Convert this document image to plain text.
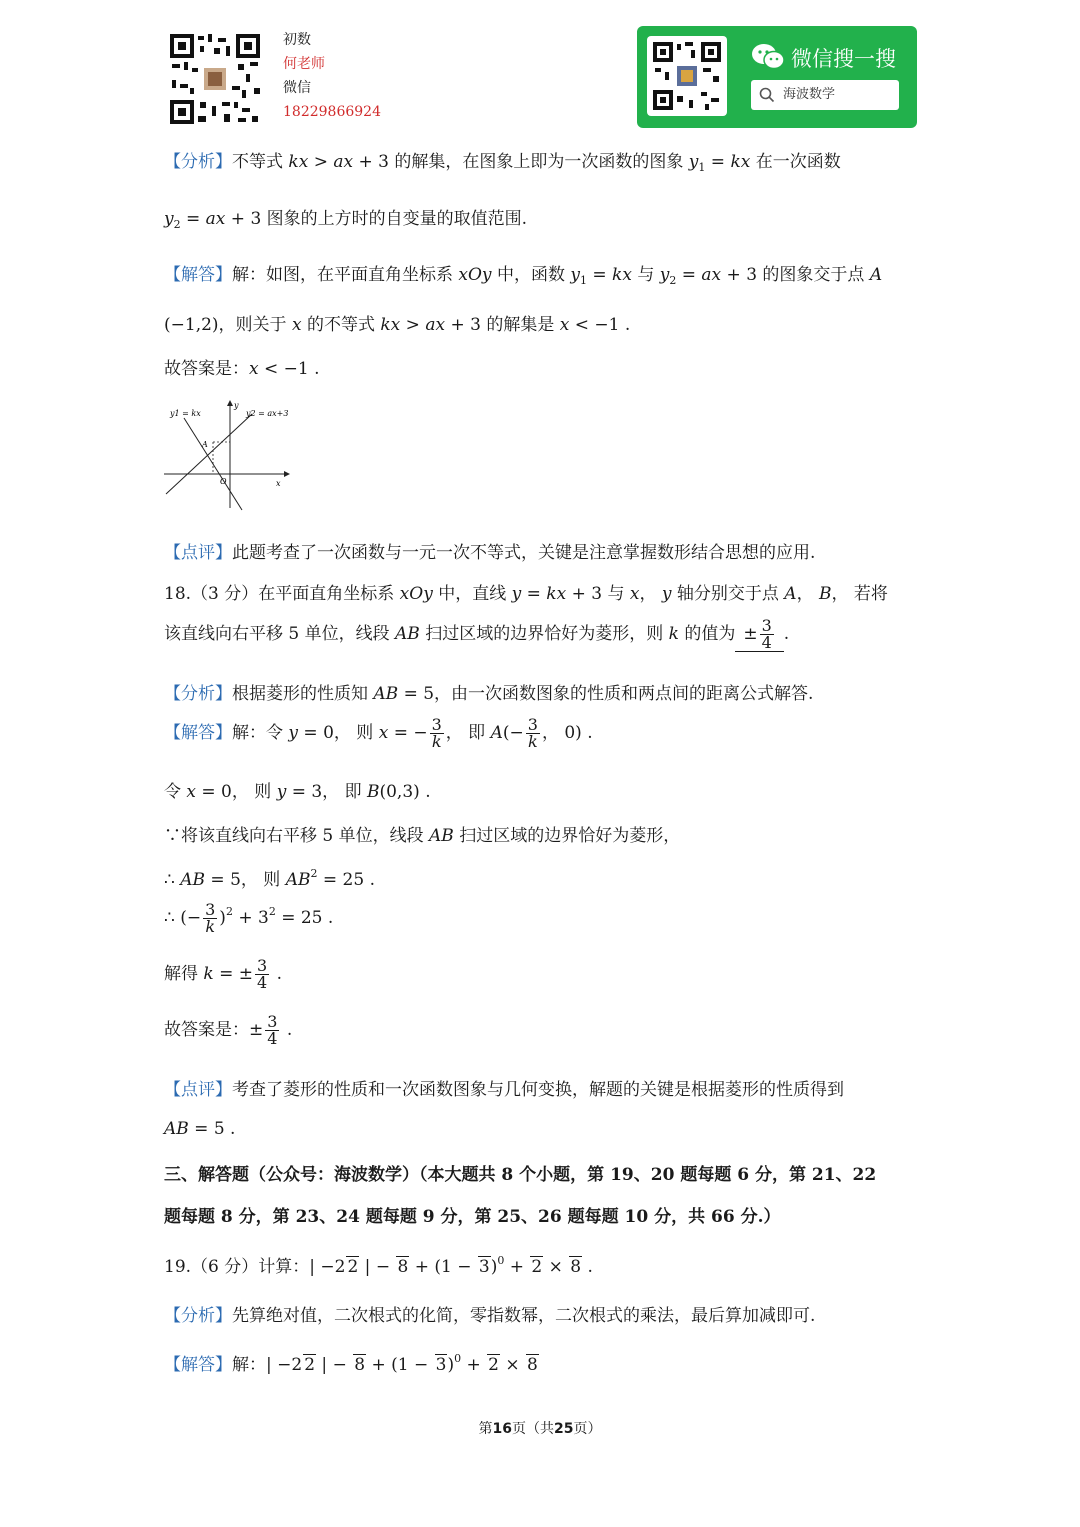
初数
何老师
微信
18229866924
微信搜一搜
海波数学
【分析】不等式 kx > ax + 3 的解集，在图象上即为一次函数的图象 $y_1$ = kx 在一次函数
$y_2$ = ax + 3 图象的上方时的自变量的取值范围.
【解答】解：如图，在平面直角坐标系 xOy 中，函数 $y_1$ = kx 与 $y_2$ = ax + 3 的图象交于点 A
(−1,2)，则关于 x 的不等式 kx > ax + 3 的解集是 x < −1 .
故答案是：x < −1 .
y1 = kx
y
y2 = ax+3
A
O	x
【点评】此题考查了一次函数与一元一次不等式，关键是注意掌握数形结合思想的应用.
18.（3 分）在平面直角坐标系 xOy 中，直线 y = kx + 3 与 x， y 轴分别交于点 A， B， 若将
该直线向右平移 5 单位，线段 AB 扫过区域的边界恰好为菱形，则 k 的值为 ± $\frac{3}{4}$ .
【分析】根据菱形的性质知 AB = 5，由一次函数图象的性质和两点间的距离公式解答.
【解答】解：令 y = 0， 则 x = − $\frac{3}{k}$ ， 即 $A(- \frac{3}{k}$ ， 0) .
令 x = 0， 则 y = 3， 即 B(0,3) .
∵将该直线向右平移 5 单位，线段 AB 扫过区域的边界恰好为菱形，
∴ AB = 5， 则 $AB^2 = 25$ .
∴ (− $\frac{3}{k} )^2 + 3^2 = 25$ .
解得 k = ± $\frac{3}{4}$ .
故答案是：± $\frac{3}{4}$ .
【点评】考查了菱形的性质和一次函数图象与几何变换，解题的关键是根据菱形的性质得到
AB = 5 .
三、解答题（公众号：海波数学）（本大题共 8 个小题，第 19、20 题每题 6 分，第 21、22
题每题 8 分，第 23、24 题每题 9 分，第 25、26 题每题 10 分，共 66 分.）
19.（6 分）计算：| −2 2 | − $8 + (1 - 3)^0 + 2 \times 8$ .
【分析】先算绝对值，二次根式的化简，零指数幂，二次根式的乘法，最后算加减即可.
【解答】解：| −2 2 | − $8 + (1 - 3)^0 + 2 \times 8$
第16页（共25页）
